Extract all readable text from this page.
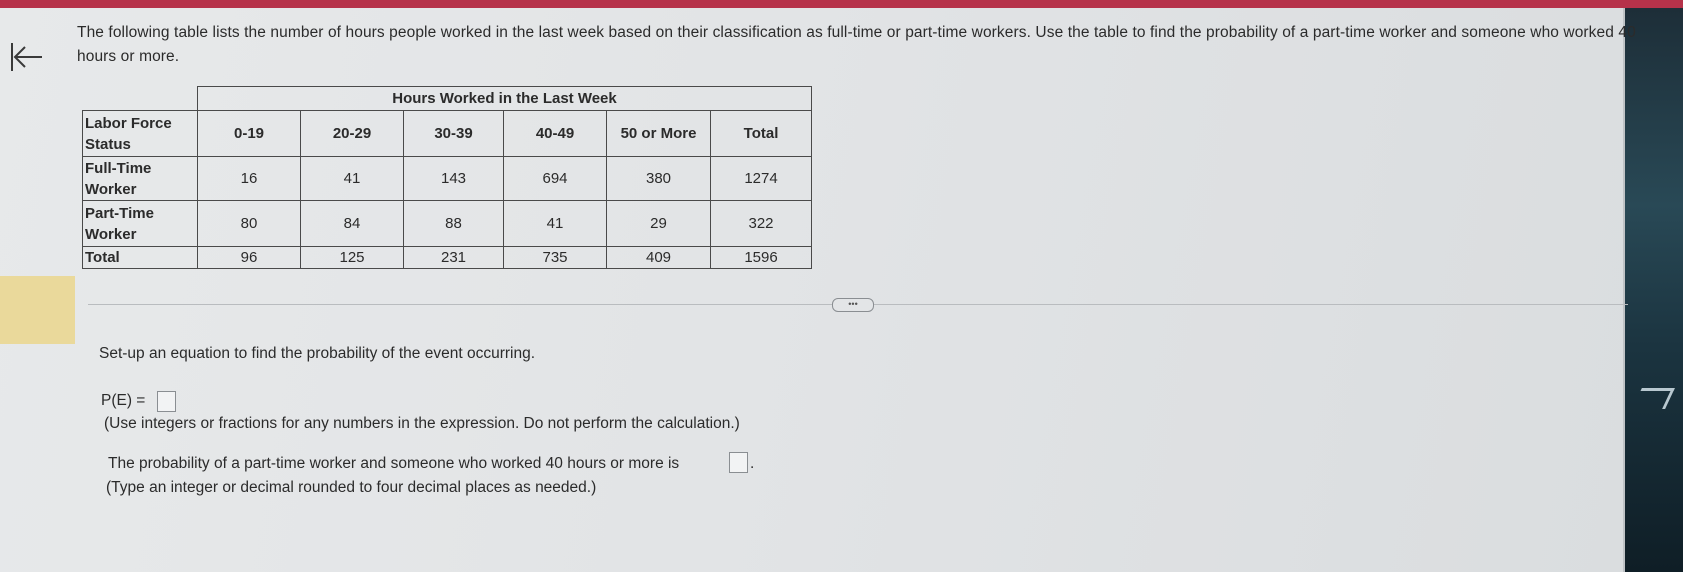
The following table lists the number of hours people worked in the last week based on their classification as full-time or part-time workers. Use the table to find the probability of a part-time worker and someone who worked 40 hours or more.
	Hours Worked in the Last Week					

Labor Force
Status	0-19	20-29	30-39	40-49	50 or More	Total

Full-Time
Worker	16	41	143	694	380	1274

Part-Time
Worker	80	84	88	41	29	322

Total	96	125	231	735	409	1596
•••
Set-up an equation to find the probability of the event occurring.
P(E) =
(Use integers or fractions for any numbers in the expression. Do not perform the calculation.)
The probability of a part-time worker and someone who worked 40 hours or more is	.
(Type an integer or decimal rounded to four decimal places as needed.)
